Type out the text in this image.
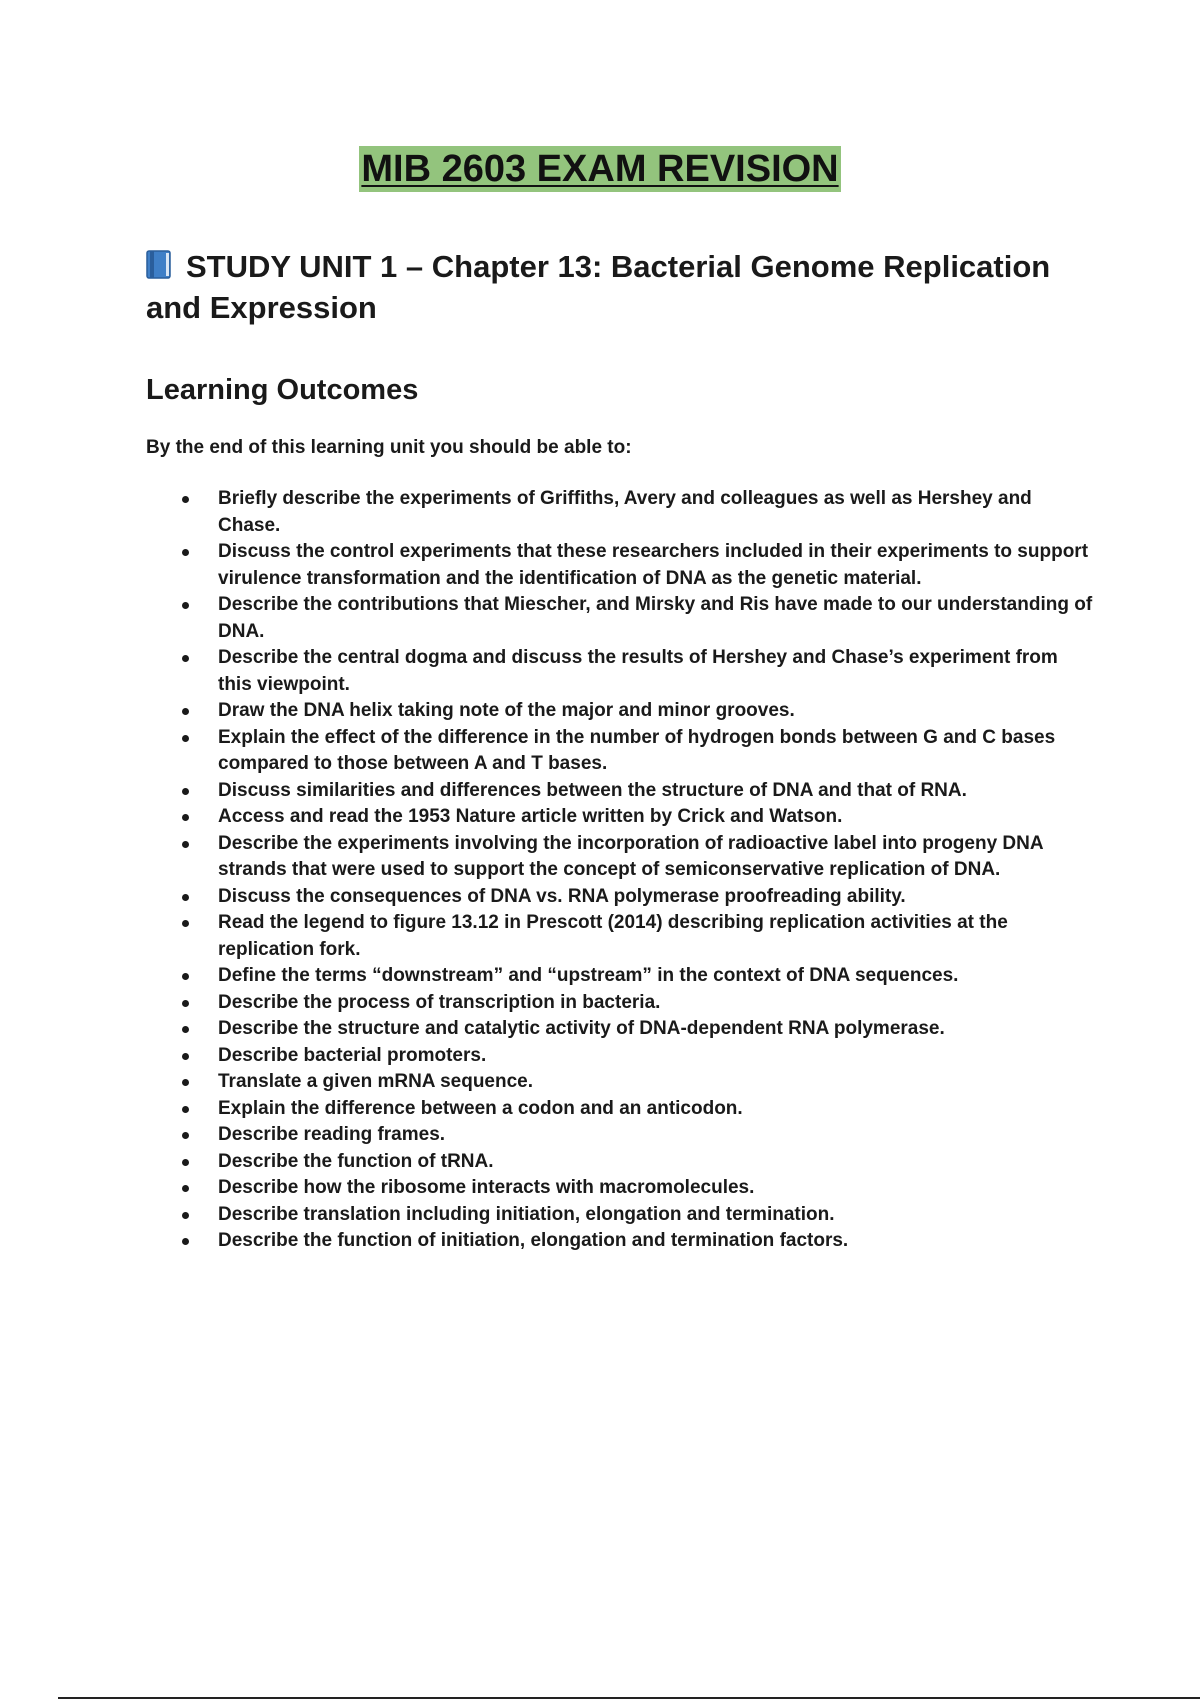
MIB 2603 EXAM REVISION
STUDY UNIT 1 – Chapter 13: Bacterial Genome Replication and Expression
Learning Outcomes
By the end of this learning unit you should be able to:
Briefly describe the experiments of Griffiths, Avery and colleagues as well as Hershey and Chase.
Discuss the control experiments that these researchers included in their experiments to support virulence transformation and the identification of DNA as the genetic material.
Describe the contributions that Miescher, and Mirsky and Ris have made to our understanding of DNA.
Describe the central dogma and discuss the results of Hershey and Chase’s experiment from this viewpoint.
Draw the DNA helix taking note of the major and minor grooves.
Explain the effect of the difference in the number of hydrogen bonds between G and C bases compared to those between A and T bases.
Discuss similarities and differences between the structure of DNA and that of RNA.
Access and read the 1953 Nature article written by Crick and Watson.
Describe the experiments involving the incorporation of radioactive label into progeny DNA strands that were used to support the concept of semiconservative replication of DNA.
Discuss the consequences of DNA vs. RNA polymerase proofreading ability.
Read the legend to figure 13.12 in Prescott (2014) describing replication activities at the replication fork.
Define the terms “downstream” and “upstream” in the context of DNA sequences.
Describe the process of transcription in bacteria.
Describe the structure and catalytic activity of DNA-dependent RNA polymerase.
Describe bacterial promoters.
Translate a given mRNA sequence.
Explain the difference between a codon and an anticodon.
Describe reading frames.
Describe the function of tRNA.
Describe how the ribosome interacts with macromolecules.
Describe translation including initiation, elongation and termination.
Describe the function of initiation, elongation and termination factors.
